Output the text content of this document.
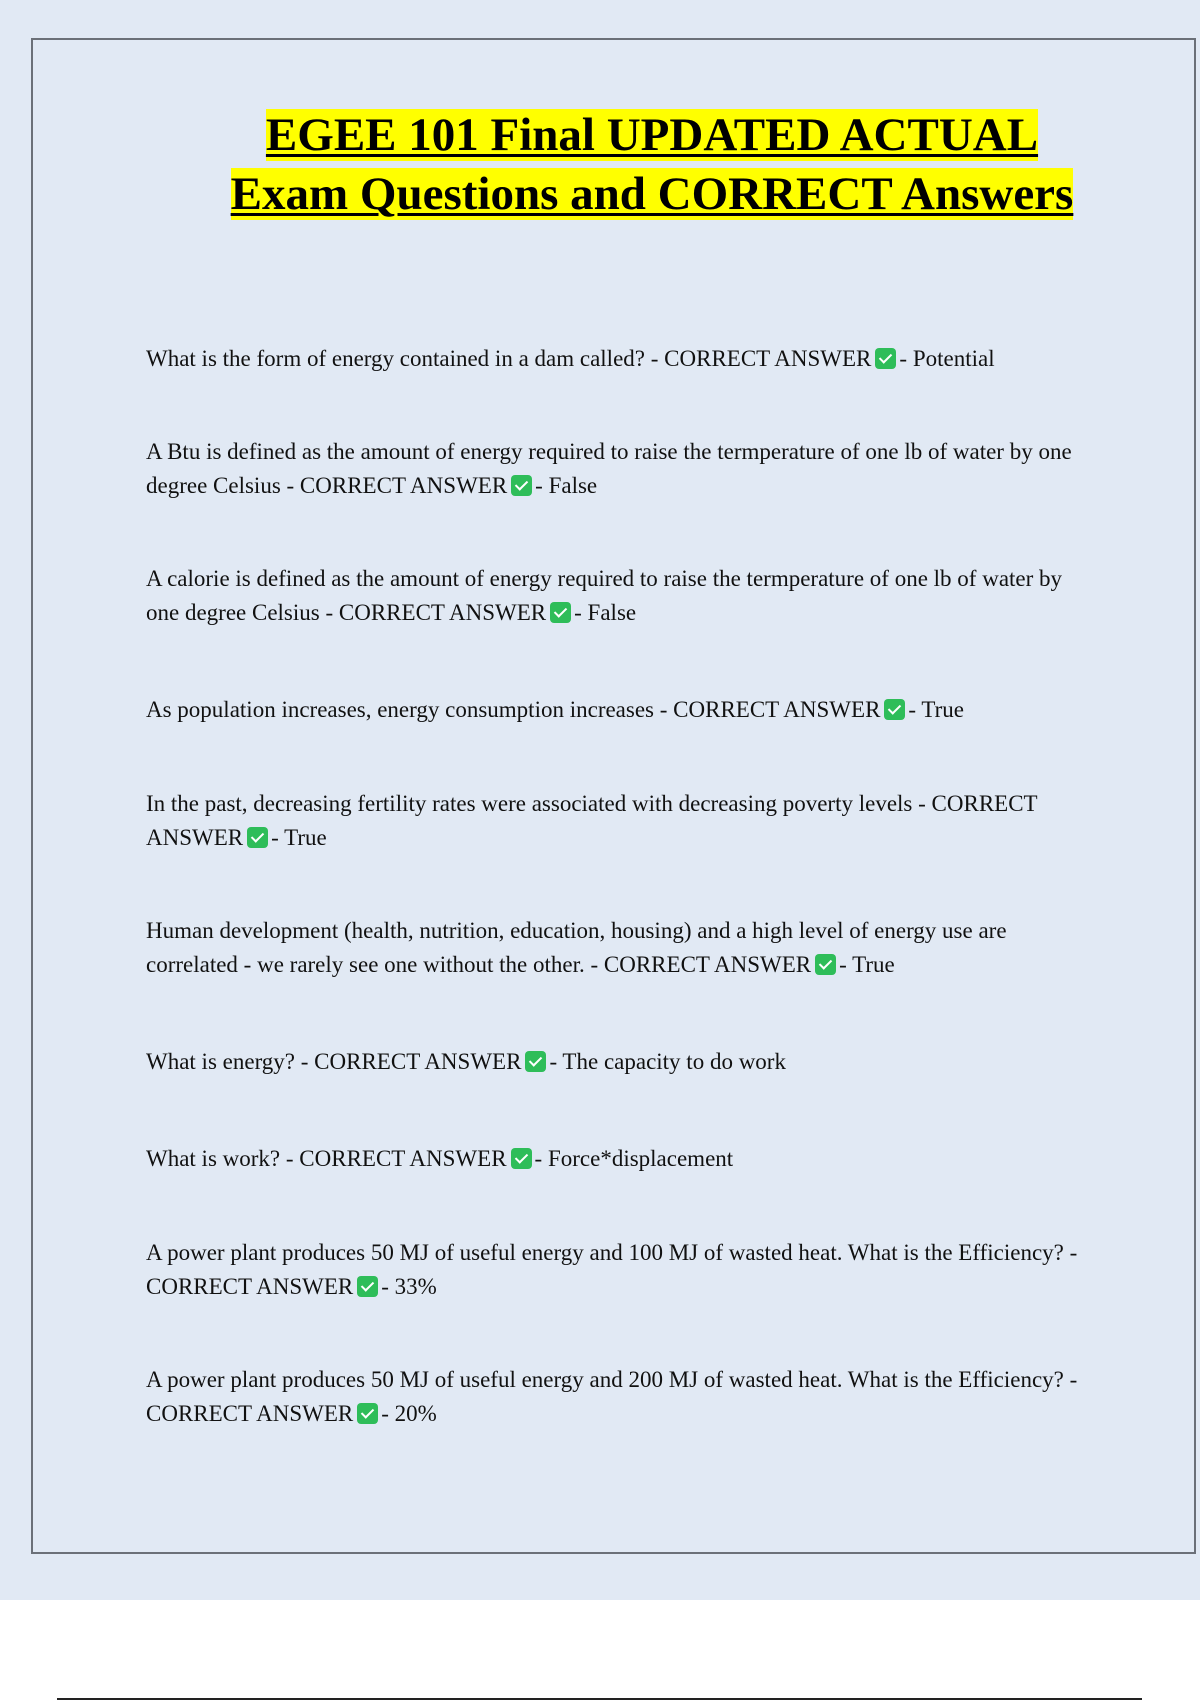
EGEE 101 Final UPDATED ACTUAL Exam Questions and CORRECT Answers
What is the form of energy contained in a dam called? - CORRECT ANSWER - Potential
A Btu is defined as the amount of energy required to raise the termperature of one lb of water by one degree Celsius - CORRECT ANSWER - False
A calorie is defined as the amount of energy required to raise the termperature of one lb of water by one degree Celsius - CORRECT ANSWER - False
As population increases, energy consumption increases - CORRECT ANSWER - True
In the past, decreasing fertility rates were associated with decreasing poverty levels - CORRECT ANSWER - True
Human development (health, nutrition, education, housing) and a high level of energy use are correlated - we rarely see one without the other. - CORRECT ANSWER - True
What is energy? - CORRECT ANSWER - The capacity to do work
What is work? - CORRECT ANSWER - Force*displacement
A power plant produces 50 MJ of useful energy and 100 MJ of wasted heat. What is the Efficiency? - CORRECT ANSWER - 33%
A power plant produces 50 MJ of useful energy and 200 MJ of wasted heat. What is the Efficiency? - CORRECT ANSWER - 20%
